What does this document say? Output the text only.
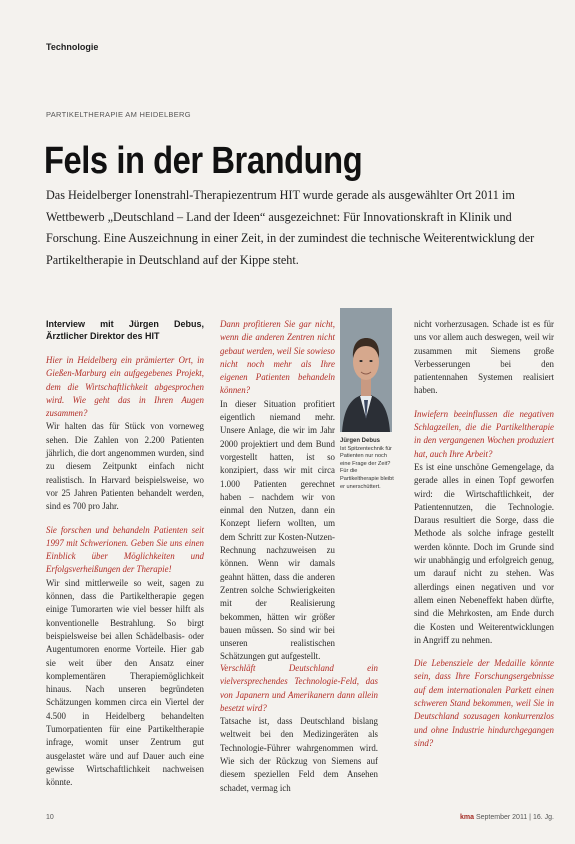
Technologie
PARTIKELTHERAPIE AM HEIDELBERG
Fels in der Brandung
Das Heidelberger Ionenstrahl-Therapiezentrum HIT wurde gerade als ausgewählter Ort 2011 im Wettbewerb „Deutschland – Land der Ideen“ ausgezeichnet: Für Innovationskraft in Klinik und Forschung. Eine Auszeichnung in einer Zeit, in der zumindest die technische Weiterentwicklung der Partikeltherapie in Deutschland auf der Kippe steht.

Interview mit Jürgen Debus, Ärztlicher Direktor des HIT

Hier in Heidelberg ein prämierter Ort, in Gießen-Marburg ein aufgegebenes Projekt, dem die Wirtschaftlichkeit abgesprochen wird. Wie geht das in Ihren Augen zusammen?

Wir halten das für Stück von vorneweg sehen. Die Zahlen von 2.200 Patienten jährlich, die dort angenommen wurden, sind zu diesem Zeitpunkt einfach nicht realistisch. In Harvard beispielsweise, wo vor 25 Jahren Patienten behandelt werden, sind es 700 pro Jahr.

Sie forschen und behandeln Patienten seit 1997 mit Schwerionen. Geben Sie uns einen Einblick über Möglichkeiten und Erfolgsverheißungen der Therapie!

Wir sind mittlerweile so weit, sagen zu können, dass die Partikeltherapie gegen einige Tumorarten wie viel besser hilft als konventionelle Bestrahlung. So birgt beispielsweise bei allen Schädelbasis- oder Augentumoren enorme Vorteile. Hier gab sie weit über den Ansatz einer komplementären Therapiemöglichkeit hinaus. Nach unseren begründeten Schätzungen kommen circa ein Viertel der 4.500 in Heidelberg behandelten Tumorpatienten für eine Partikeltherapie infrage, womit unser Zentrum gut ausgelastet wäre und auf Dauer auch eine gewisse Wirtschaftlichkeit nachweisen könnte.

Dann profitieren Sie gar nicht, wenn die anderen Zentren nicht gebaut werden, weil Sie sowieso nicht noch mehr als Ihre eigenen Patienten behandeln können?

In dieser Situation profitiert eigentlich niemand mehr. Unsere Anlage, die wir im Jahr 2000 projektiert und dem Bund vorgestellt hatten, ist so konzipiert, dass wir mit circa 1.000 Patienten gerechnet haben – nachdem wir von einmal den Nutzen, dann ein Konzept liefern wollten, um dem Schritt zur Kosten-Nutzen-Rechnung nachzuweisen zu können. Wenn wir damals geahnt hätten, dass die anderen Zentren solche Schwierigkeiten mit der Realisierung bekommen, hätten wir größer bauen müssen. So sind wir bei unseren realistischen Schätzungen gut aufgestellt.

Verschläft Deutschland ein vielversprechendes Technologie-Feld, das von Japanern und Amerikanern dann allein besetzt wird?

Tatsache ist, dass Deutschland bislang weltweit bei den Medizingeräten als Technologie-Führer wahrgenommen wird. Wie sich der Rückzug von Siemens auf diesem speziellen Feld dem Ansehen schadet, vermag ich

Jürgen Debus
Ist Spitzentechnik für Patienten nur noch eine Frage der Zeit? Für die Partikeltherapie bleibt er unerschüttert.

nicht vorherzusagen. Schade ist es für uns vor allem auch deswegen, weil wir zusammen mit Siemens große Verbesserungen bei den patientennahen Systemen realisiert haben.

Inwiefern beeinflussen die negativen Schlagzeilen, die die Partikeltherapie in den vergangenen Wochen produziert hat, auch Ihre Arbeit?

Es ist eine unschöne Gemengelage, da gerade alles in einen Topf geworfen wird: die Wirtschaftlichkeit, der Patientennutzen, die Technologie. Daraus resultiert die Sorge, dass die Methode als solche infrage gestellt werden könnte. Doch im Grunde sind wir unabhängig und erfolgreich genug, um darauf nicht zu stehen. Was allerdings einen negativen und vor allem einen Nebeneffekt haben dürfte, sind die Mehrkosten, am Ende durch die Kosten und Weiterentwicklungen in Angriff zu nehmen.

Die Lebensziele der Medaille könnte sein, dass Ihre Forschungsergebnisse auf dem internationalen Parkett einen schweren Stand bekommen, weil Sie in Deutschland sozusagen konkurrenzlos und ohne Industrie hindurchgegangen sind?

10	kma September 2011 | 16. Jg.
